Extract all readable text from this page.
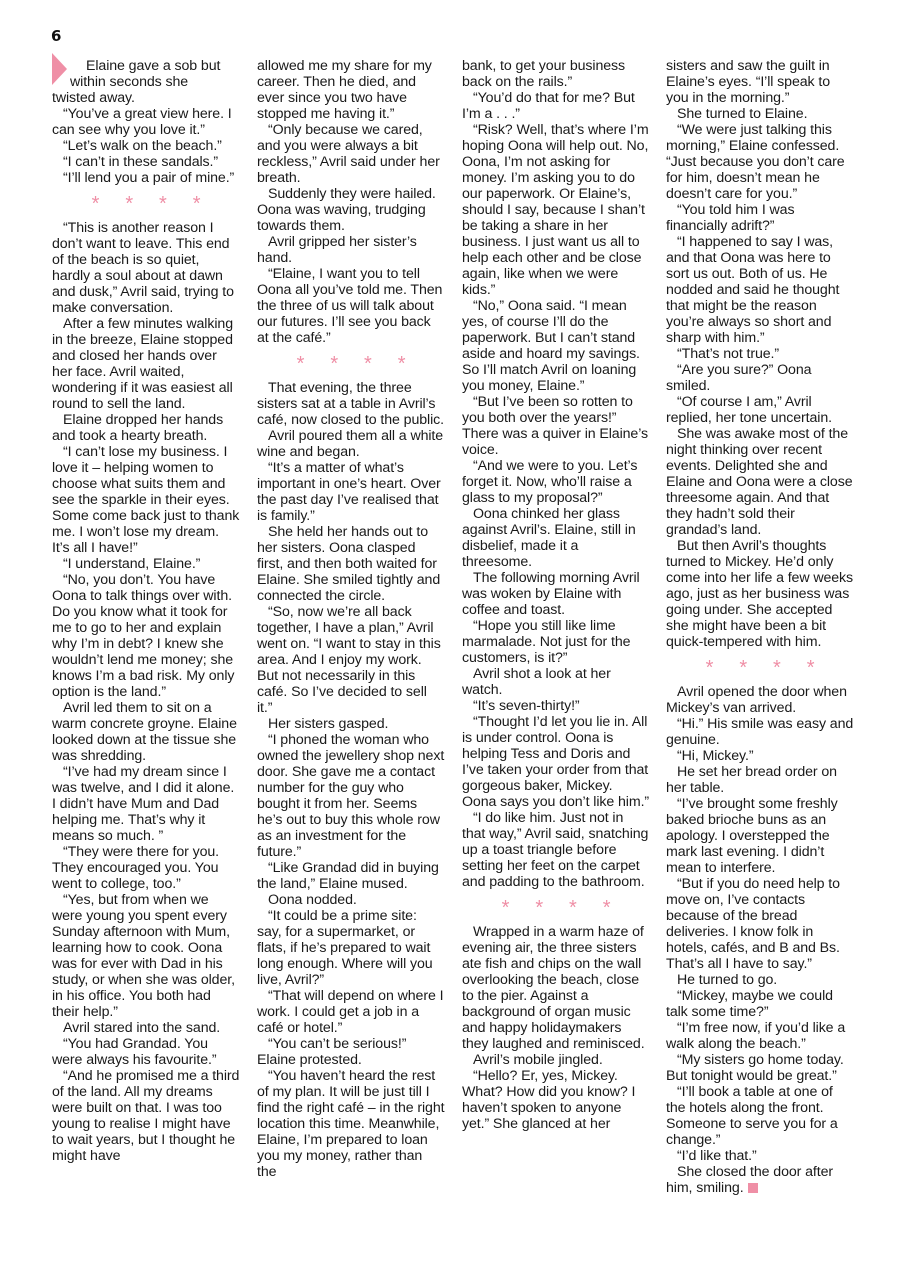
6
Elaine gave a sob but
within seconds she
twisted away.

“You’ve a great view here. I can see why you love it.”

“Let’s walk on the beach.”

“I can’t in these sandals.”

“I’ll lend you a pair of mine.”

* * * *

“This is another reason I don’t want to leave. This end of the beach is so quiet, hardly a soul about at dawn and dusk,” Avril said, trying to make conversation.

After a few minutes walking in the breeze, Elaine stopped and closed her hands over her face. Avril waited, wondering if it was easiest all round to sell the land.

Elaine dropped her hands and took a hearty breath.

“I can’t lose my business. I love it – helping women to choose what suits them and see the sparkle in their eyes. Some come back just to thank me. I won’t lose my dream. It’s all I have!”

“I understand, Elaine.”

“No, you don’t. You have Oona to talk things over with. Do you know what it took for me to go to her and explain why I’m in debt? I knew she wouldn’t lend me money; she knows I’m a bad risk. My only option is the land.”

Avril led them to sit on a warm concrete groyne. Elaine looked down at the tissue she was shredding.

“I’ve had my dream since I was twelve, and I did it alone. I didn’t have Mum and Dad helping me. That’s why it means so much. ”

“They were there for you. They encouraged you. You went to college, too.”

“Yes, but from when we were young you spent every Sunday afternoon with Mum, learning how to cook. Oona was for ever with Dad in his study, or when she was older, in his office. You both had their help.”

Avril stared into the sand.

“You had Grandad. You were always his favourite.”

“And he promised me a third of the land. All my dreams were built on that. I was too young to realise I might have to wait years, but I thought he might have

allowed me my share for my career. Then he died, and ever since you two have stopped me having it.”

“Only because we cared, and you were always a bit reckless,” Avril said under her breath.

Suddenly they were hailed. Oona was waving, trudging towards them.

Avril gripped her sister’s hand.

“Elaine, I want you to tell Oona all you’ve told me. Then the three of us will talk about our futures. I’ll see you back at the café.”

* * * *

That evening, the three sisters sat at a table in Avril’s café, now closed to the public.

Avril poured them all a white wine and began.

“It’s a matter of what’s important in one’s heart. Over the past day I’ve realised that is family.”

She held her hands out to her sisters. Oona clasped first, and then both waited for Elaine. She smiled tightly and connected the circle.

“So, now we’re all back together, I have a plan,” Avril went on. “I want to stay in this area. And I enjoy my work. But not necessarily in this café. So I’ve decided to sell it.”

Her sisters gasped.

“I phoned the woman who owned the jewellery shop next door. She gave me a contact number for the guy who bought it from her. Seems he’s out to buy this whole row as an investment for the future.”

“Like Grandad did in buying the land,” Elaine mused.

Oona nodded.

“It could be a prime site: say, for a supermarket, or flats, if he’s prepared to wait long enough. Where will you live, Avril?”

“That will depend on where I work. I could get a job in a café or hotel.”

“You can’t be serious!” Elaine protested.

“You haven’t heard the rest of my plan. It will be just till I find the right café – in the right location this time. Meanwhile, Elaine, I’m prepared to loan you my money, rather than the

bank, to get your business back on the rails.”

“You’d do that for me? But I’m a . . .”

“Risk? Well, that’s where I’m hoping Oona will help out. No, Oona, I’m not asking for money. I’m asking you to do our paperwork. Or Elaine’s, should I say, because I shan’t be taking a share in her business. I just want us all to help each other and be close again, like when we were kids.”

“No,” Oona said. “I mean yes, of course I’ll do the paperwork. But I can’t stand aside and hoard my savings. So I’ll match Avril on loaning you money, Elaine.”

“But I’ve been so rotten to you both over the years!” There was a quiver in Elaine’s voice.

“And we were to you. Let’s forget it. Now, who’ll raise a glass to my proposal?”

Oona chinked her glass against Avril’s. Elaine, still in disbelief, made it a threesome.

The following morning Avril was woken by Elaine with coffee and toast.

“Hope you still like lime marmalade. Not just for the customers, is it?”

Avril shot a look at her watch.

“It’s seven-thirty!”

“Thought I’d let you lie in. All is under control. Oona is helping Tess and Doris and I’ve taken your order from that gorgeous baker, Mickey. Oona says you don’t like him.”

“I do like him. Just not in that way,” Avril said, snatching up a toast triangle before setting her feet on the carpet and padding to the bathroom.

* * * *

Wrapped in a warm haze of evening air, the three sisters ate fish and chips on the wall overlooking the beach, close to the pier. Against a background of organ music and happy holidaymakers they laughed and reminisced.

Avril’s mobile jingled.

“Hello? Er, yes, Mickey. What? How did you know? I haven’t spoken to anyone yet.” She glanced at her

sisters and saw the guilt in Elaine’s eyes. “I’ll speak to you in the morning.”

She turned to Elaine.

“We were just talking this morning,” Elaine confessed. “Just because you don’t care for him, doesn’t mean he doesn’t care for you.”

“You told him I was financially adrift?”

“I happened to say I was, and that Oona was here to sort us out. Both of us. He nodded and said he thought that might be the reason you’re always so short and sharp with him.”

“That’s not true.”

“Are you sure?” Oona smiled.

“Of course I am,” Avril replied, her tone uncertain.

She was awake most of the night thinking over recent events. Delighted she and Elaine and Oona were a close threesome again. And that they hadn’t sold their grandad’s land.

But then Avril’s thoughts turned to Mickey. He’d only come into her life a few weeks ago, just as her business was going under. She accepted she might have been a bit quick-tempered with him.

* * * *

Avril opened the door when Mickey’s van arrived.

“Hi.” His smile was easy and genuine.

“Hi, Mickey.”

He set her bread order on her table.

“I’ve brought some freshly baked brioche buns as an apology. I overstepped the mark last evening. I didn’t mean to interfere.

“But if you do need help to move on, I’ve contacts because of the bread deliveries. I know folk in hotels, cafés, and B and Bs. That’s all I have to say.”

He turned to go.

“Mickey, maybe we could talk some time?”

“I’m free now, if you’d like a walk along the beach.”

“My sisters go home today. But tonight would be great.”

“I’ll book a table at one of the hotels along the front. Someone to serve you for a change.”

“I’d like that.”

She closed the door after him, smiling.
